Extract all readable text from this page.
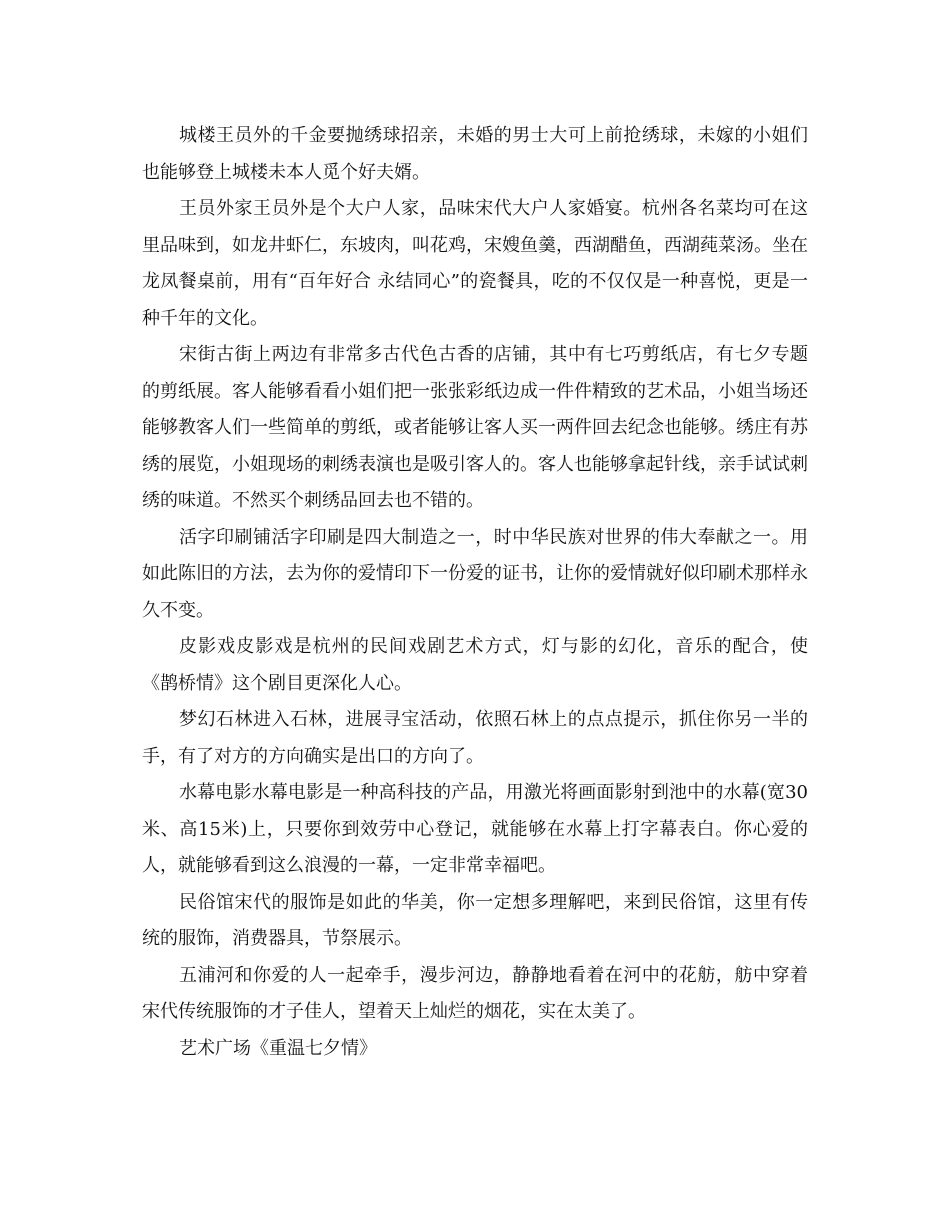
城楼王员外的千金要抛绣球招亲，未婚的男士大可上前抢绣球，未嫁的小姐们也能够登上城楼未本人觅个好夫婿。

王员外家王员外是个大户人家，品味宋代大户人家婚宴。杭州各名菜均可在这里品味到，如龙井虾仁，东坡肉，叫花鸡，宋嫂鱼羹，西湖醋鱼，西湖莼菜汤。坐在龙凤餐桌前，用有“百年好合 永结同心”的瓷餐具，吃的不仅仅是一种喜悦，更是一种千年的文化。

宋街古街上两边有非常多古代色古香的店铺，其中有七巧剪纸店，有七夕专题的剪纸展。客人能够看看小姐们把一张张彩纸边成一件件精致的艺术品，小姐当场还能够教客人们一些简单的剪纸，或者能够让客人买一两件回去纪念也能够。绣庄有苏绣的展览，小姐现场的刺绣表演也是吸引客人的。客人也能够拿起针线，亲手试试刺绣的味道。不然买个刺绣品回去也不错的。

活字印刷铺活字印刷是四大制造之一，时中华民族对世界的伟大奉献之一。用如此陈旧的方法，去为你的爱情印下一份爱的证书，让你的爱情就好似印刷术那样永久不变。

皮影戏皮影戏是杭州的民间戏剧艺术方式，灯与影的幻化，音乐的配合，使《鹊桥情》这个剧目更深化人心。

梦幻石林进入石林，进展寻宝活动，依照石林上的点点提示，抓住你另一半的手，有了对方的方向确实是出口的方向了。

水幕电影水幕电影是一种高科技的产品，用激光将画面影射到池中的水幕(宽30米、高15米)上，只要你到效劳中心登记，就能够在水幕上打字幕表白。你心爱的人，就能够看到这么浪漫的一幕，一定非常幸福吧。

民俗馆宋代的服饰是如此的华美，你一定想多理解吧，来到民俗馆，这里有传统的服饰，消费器具，节祭展示。

五浦河和你爱的人一起牵手，漫步河边，静静地看着在河中的花舫，舫中穿着宋代传统服饰的才子佳人，望着天上灿烂的烟花，实在太美了。

艺术广场《重温七夕情》
